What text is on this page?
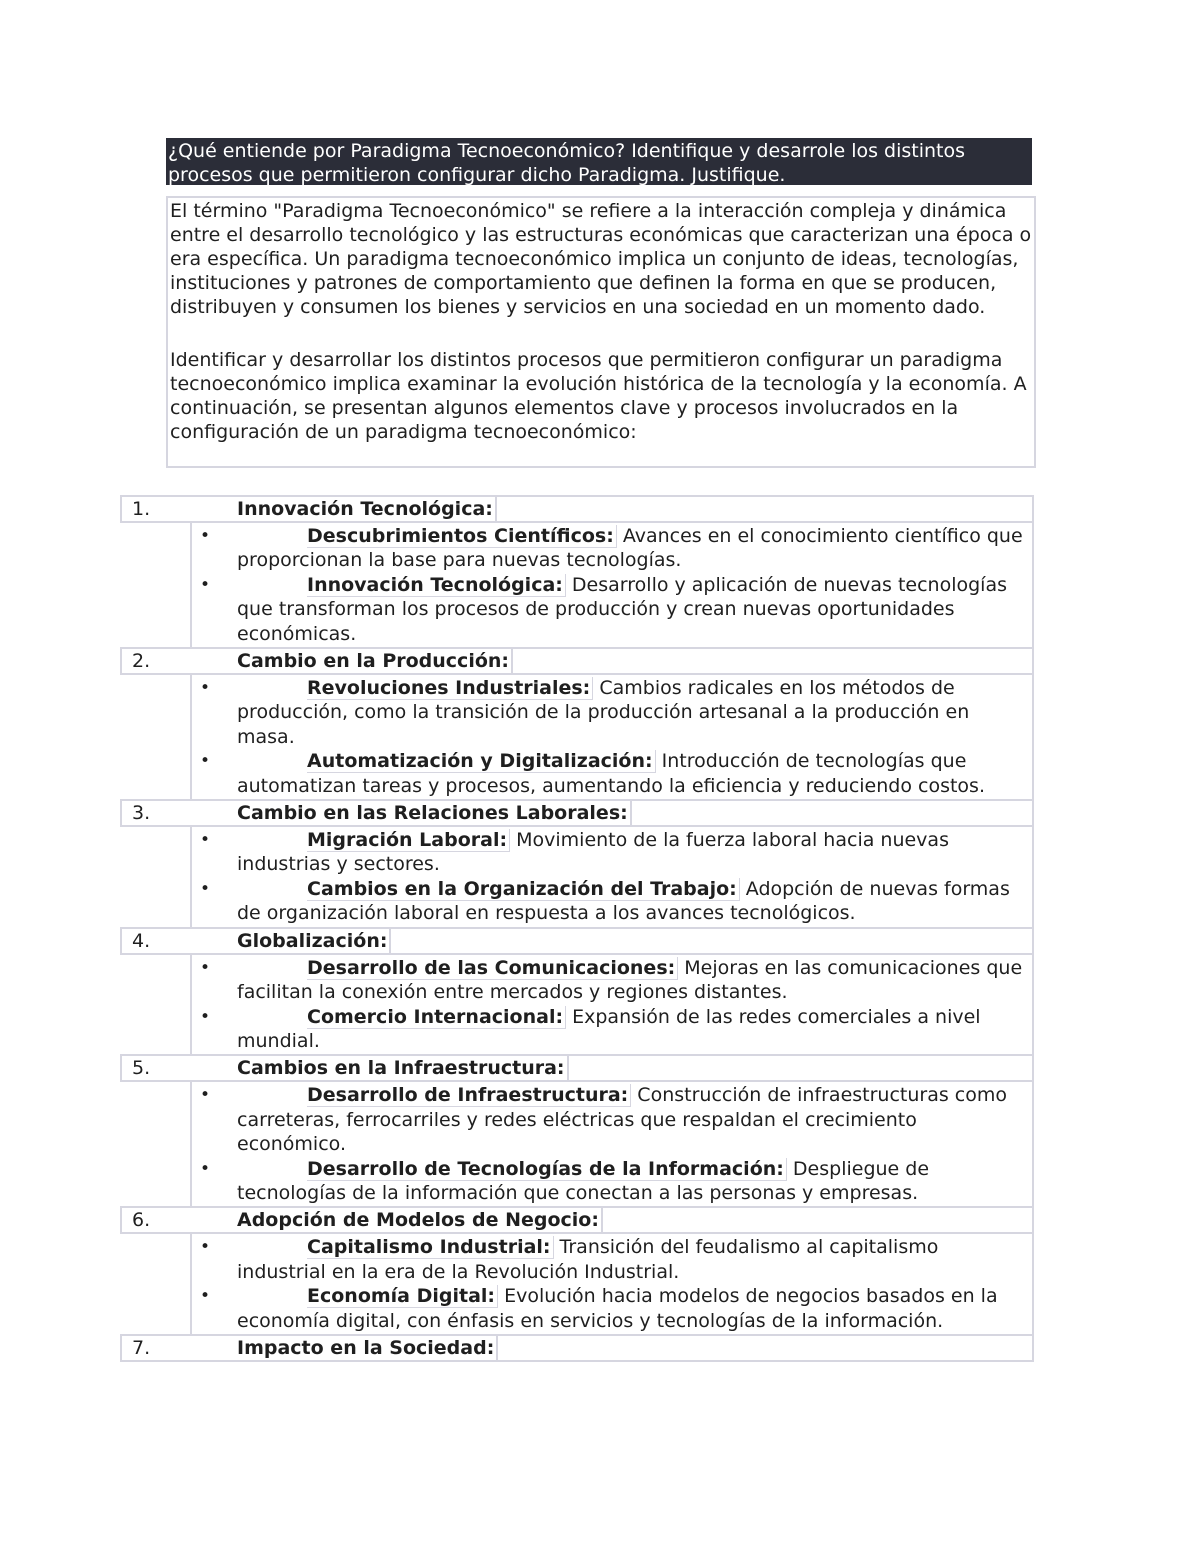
¿Qué entiende por Paradigma Tecnoeconómico? Identifique y desarrole los distintos procesos que permitieron configurar dicho Paradigma. Justifique.

El término "Paradigma Tecnoeconómico" se refiere a la interacción compleja y dinámica entre el desarrollo tecnológico y las estructuras económicas que caracterizan una época o era específica. Un paradigma tecnoeconómico implica un conjunto de ideas, tecnologías, instituciones y patrones de comportamiento que definen la forma en que se producen, distribuyen y consumen los bienes y servicios en una sociedad en un momento dado.

Identificar y desarrollar los distintos procesos que permitieron configurar un paradigma tecnoeconómico implica examinar la evolución histórica de la tecnología y la economía. A continuación, se presentan algunos elementos clave y procesos involucrados en la configuración de un paradigma tecnoeconómico:

1.	Innovación Tecnológica:
•	Descubrimientos Científicos: Avances en el conocimiento científico que proporcionan la base para nuevas tecnologías.
•	Innovación Tecnológica: Desarrollo y aplicación de nuevas tecnologías que transforman los procesos de producción y crean nuevas oportunidades económicas.
2.	Cambio en la Producción:
•	Revoluciones Industriales: Cambios radicales en los métodos de producción, como la transición de la producción artesanal a la producción en masa.
•	Automatización y Digitalización: Introducción de tecnologías que automatizan tareas y procesos, aumentando la eficiencia y reduciendo costos.
3.	Cambio en las Relaciones Laborales:
•	Migración Laboral: Movimiento de la fuerza laboral hacia nuevas industrias y sectores.
•	Cambios en la Organización del Trabajo: Adopción de nuevas formas de organización laboral en respuesta a los avances tecnológicos.
4.	Globalización:
•	Desarrollo de las Comunicaciones: Mejoras en las comunicaciones que facilitan la conexión entre mercados y regiones distantes.
•	Comercio Internacional: Expansión de las redes comerciales a nivel mundial.
5.	Cambios en la Infraestructura:
•	Desarrollo de Infraestructura: Construcción de infraestructuras como carreteras, ferrocarriles y redes eléctricas que respaldan el crecimiento económico.
•	Desarrollo de Tecnologías de la Información: Despliegue de tecnologías de la información que conectan a las personas y empresas.
6.	Adopción de Modelos de Negocio:
•	Capitalismo Industrial: Transición del feudalismo al capitalismo industrial en la era de la Revolución Industrial.
•	Economía Digital: Evolución hacia modelos de negocios basados en la economía digital, con énfasis en servicios y tecnologías de la información.
7.	Impacto en la Sociedad:
